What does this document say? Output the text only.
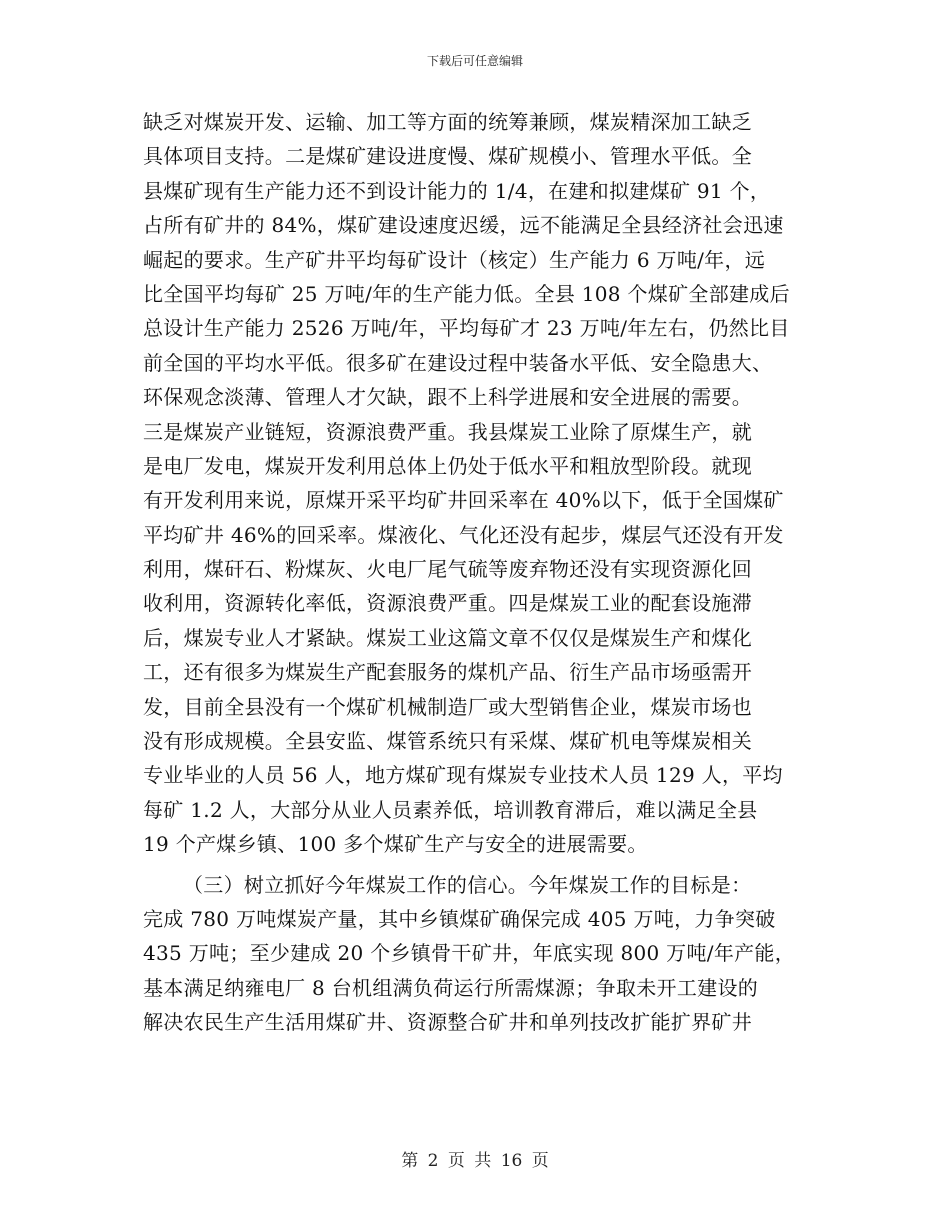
下载后可任意编辑
缺乏对煤炭开发、运输、加工等方面的统筹兼顾，煤炭精深加工缺乏
具体项目支持。二是煤矿建设进度慢、煤矿规模小、管理水平低。全
县煤矿现有生产能力还不到设计能力的 1/4，在建和拟建煤矿 91 个，
占所有矿井的 84%，煤矿建设速度迟缓，远不能满足全县经济社会迅速
崛起的要求。生产矿井平均每矿设计（核定）生产能力 6 万吨/年，远
比全国平均每矿 25 万吨/年的生产能力低。全县 108 个煤矿全部建成后
总设计生产能力 2526 万吨/年，平均每矿才 23 万吨/年左右，仍然比目
前全国的平均水平低。很多矿在建设过程中装备水平低、安全隐患大、
环保观念淡薄、管理人才欠缺，跟不上科学进展和安全进展的需要。
三是煤炭产业链短，资源浪费严重。我县煤炭工业除了原煤生产，就
是电厂发电，煤炭开发利用总体上仍处于低水平和粗放型阶段。就现
有开发利用来说，原煤开采平均矿井回采率在 40%以下，低于全国煤矿
平均矿井 46%的回采率。煤液化、气化还没有起步，煤层气还没有开发
利用，煤矸石、粉煤灰、火电厂尾气硫等废弃物还没有实现资源化回
收利用，资源转化率低，资源浪费严重。四是煤炭工业的配套设施滞
后，煤炭专业人才紧缺。煤炭工业这篇文章不仅仅是煤炭生产和煤化
工，还有很多为煤炭生产配套服务的煤机产品、衍生产品市场亟需开
发，目前全县没有一个煤矿机械制造厂或大型销售企业，煤炭市场也
没有形成规模。全县安监、煤管系统只有采煤、煤矿机电等煤炭相关
专业毕业的人员 56 人，地方煤矿现有煤炭专业技术人员 129 人，平均
每矿 1.2 人，大部分从业人员素养低，培训教育滞后，难以满足全县
19 个产煤乡镇、100 多个煤矿生产与安全的进展需要。
（三）树立抓好今年煤炭工作的信心。今年煤炭工作的目标是：
完成 780 万吨煤炭产量，其中乡镇煤矿确保完成 405 万吨，力争突破
435 万吨；至少建成 20 个乡镇骨干矿井，年底实现 800 万吨/年产能，
基本满足纳雍电厂 8 台机组满负荷运行所需煤源；争取未开工建设的
解决农民生产生活用煤矿井、资源整合矿井和单列技改扩能扩界矿井
第 2 页 共 16 页
